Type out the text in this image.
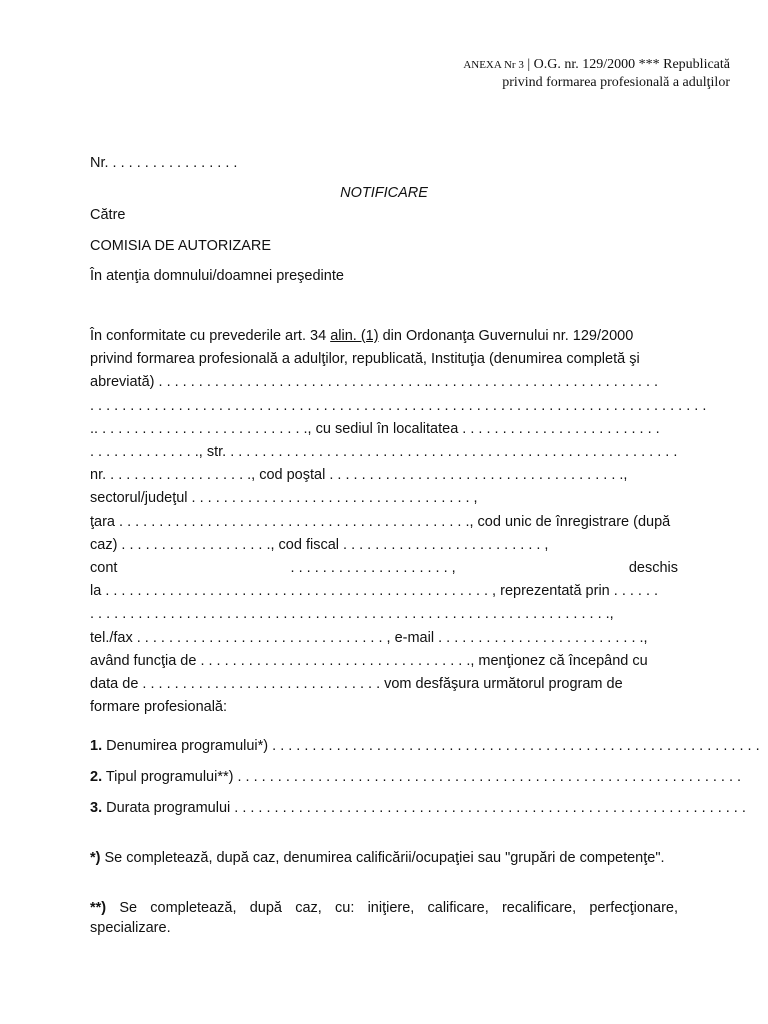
ANEXA Nr 3 | O.G. nr. 129/2000 *** Republicată
privind formarea profesională a adulţilor
Nr. . . . . . . . . . . . . . . . .
NOTIFICARE
Către
COMISIA DE AUTORIZARE
În atenţia domnului/doamnei preşedinte
În conformitate cu prevederile art. 34 alin. (1) din Ordonanţa Guvernului nr. 129/2000
privind formarea profesională a adulţilor, republicată, Instituţia (denumirea completă şi
abreviată) . . . . . . . . . . . . . . . . . . . . . . . . . . . . . . . . . .. . . . . . . . . . . . . . . . . . . . . . . . . . . . .
. . . . . . . . . . . . . . . . . . . . . . . . . . . . . . . . . . . . . . . . . . . . . . . . . . . . . . . . . . . . . . . . . . . . . . . . . . . . .
.. . . . . . . . . . . . . . . . . . . . . . . . . . ., cu sediul în localitatea . . . . . . . . . . . . . . . . . . . . . . . . .
. . . . . . . . . . . . . ., str. . . . . . . . . . . . . . . . . . . . . . . . . . . . . . . . . . . . . . . . . . . . . . . . . . . . . . . . .
nr. . . . . . . . . . . . . . . . . . ., cod poştal . . . . . . . . . . . . . . . . . . . . . . . . . . . . . . . . . . . . .,
sectorul/judeţul . . . . . . . . . . . . . . . . . . . . . . . . . . . . . . . . . . . ,
ţara . . . . . . . . . . . . . . . . . . . . . . . . . . . . . . . . . . . . . . . . . . . ., cod unic de înregistrare (după
caz) . . . . . . . . . . . . . . . . . . ., cod fiscal . . . . . . . . . . . . . . . . . . . . . . . . . ,
cont	. . . . . . . . . . . . . . . . . . . . ,	deschis
la . . . . . . . . . . . . . . . . . . . . . . . . . . . . . . . . . . . . . . . . . . . . . . . . , reprezentată prin . . . . . .
. . . . . . . . . . . . . . . . . . . . . . . . . . . . . . . . . . . . . . . . . . . . . . . . . . . . . . . . . . . . . . . . .,
tel./fax . . . . . . . . . . . . . . . . . . . . . . . . . . . . . . . , e-mail . . . . . . . . . . . . . . . . . . . . . . . . . .,
având funcţia de . . . . . . . . . . . . . . . . . . . . . . . . . . . . . . . . . ., menţionez că începând cu
data de . . . . . . . . . . . . . . . . . . . . . . . . . . . . . . vom desfăşura următorul program de
formare profesională:
1. Denumirea programului*) . . . . . . . . . . . . . . . . . . . . . . . . . . . . . . . . . . . . . . . . . . . . . . . . . . . . . . . . . . . . .
2. Tipul programului**) . . . . . . . . . . . . . . . . . . . . . . . . . . . . . . . . . . . . . . . . . . . . . . . . . . . . . . . . . . . . . . .
3. Durata programului . . . . . . . . . . . . . . . . . . . . . . . . . . . . . . . . . . . . . . . . . . . . . . . . . . . . . . . . . . . . . . . .
*) Se completează, după caz, denumirea calificării/ocupaţiei sau "grupări de competenţe".
**) Se completează, după caz, cu: iniţiere, calificare, recalificare, perfecţionare, specializare.
